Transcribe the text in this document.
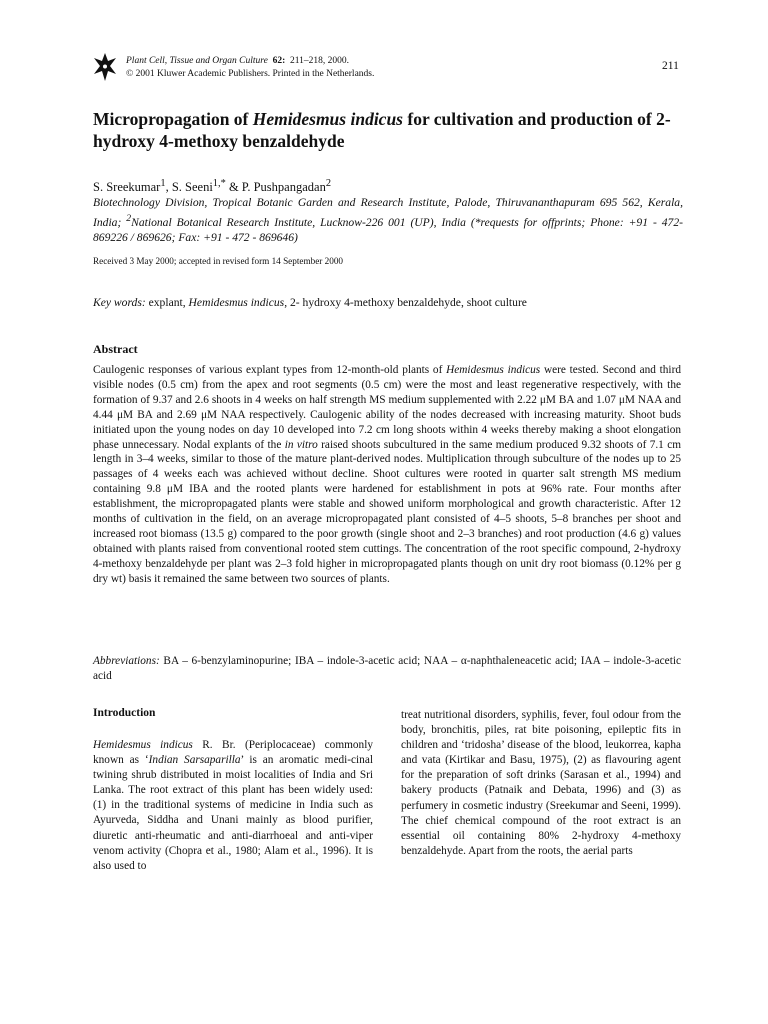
Plant Cell, Tissue and Organ Culture 62: 211–218, 2000.
© 2001 Kluwer Academic Publishers. Printed in the Netherlands.
211
Micropropagation of Hemidesmus indicus for cultivation and production of 2-hydroxy 4-methoxy benzaldehyde
S. Sreekumar$^1$, S. Seeni$^{1,*}$ & P. Pushpangadan$^2$
Biotechnology Division, Tropical Botanic Garden and Research Institute, Palode, Thiruvananthapuram 695 562, Kerala, India; $^2$National Botanical Research Institute, Lucknow-226 001 (UP), India (*requests for offprints; Phone: +91 - 472- 869226 / 869626; Fax: +91 - 472 - 869646)
Received 3 May 2000; accepted in revised form 14 September 2000
Key words: explant, Hemidesmus indicus, 2- hydroxy 4-methoxy benzaldehyde, shoot culture
Abstract
Caulogenic responses of various explant types from 12-month-old plants of Hemidesmus indicus were tested. Second and third visible nodes (0.5 cm) from the apex and root segments (0.5 cm) were the most and least regenerative respectively, with the formation of 9.37 and 2.6 shoots in 4 weeks on half strength MS medium supplemented with 2.22 μM BA and 1.07 μM NAA and 4.44 μM BA and 2.69 μM NAA respectively. Caulogenic ability of the nodes decreased with increasing maturity. Shoot buds initiated upon the young nodes on day 10 developed into 7.2 cm long shoots within 4 weeks thereby making a shoot elongation phase unnecessary. Nodal explants of the in vitro raised shoots subcultured in the same medium produced 9.32 shoots of 7.1 cm length in 3–4 weeks, similar to those of the mature plant-derived nodes. Multiplication through subculture of the nodes up to 25 passages of 4 weeks each was achieved without decline. Shoot cultures were rooted in quarter salt strength MS medium containing 9.8 μM IBA and the rooted plants were hardened for establishment in pots at 96% rate. Four months after establishment, the micropropagated plants were stable and showed uniform morphological and growth characteristic. After 12 months of cultivation in the field, on an average micropropagated plant consisted of 4–5 shoots, 5–8 branches per shoot and increased root biomass (13.5 g) compared to the poor growth (single shoot and 2–3 branches) and root production (4.6 g) values obtained with plants raised from conventional rooted stem cuttings. The concentration of the root specific compound, 2-hydroxy 4-methoxy benzaldehyde per plant was 2–3 fold higher in micropropagated plants though on unit dry root biomass (0.12% per g dry wt) basis it remained the same between two sources of plants.
Abbreviations: BA – 6-benzylaminopurine; IBA – indole-3-acetic acid; NAA – α-naphthaleneacetic acid; IAA – indole-3-acetic acid
Introduction
Hemidesmus indicus R. Br. (Periplocaceae) commonly known as ‘Indian Sarsaparilla’ is an aromatic medi-cinal twining shrub distributed in moist localities of India and Sri Lanka. The root extract of this plant has been widely used: (1) in the traditional systems of medicine in India such as Ayurveda, Siddha and Unani mainly as blood purifier, diuretic anti-rheumatic and anti-diarrhoeal and anti-viper venom activity (Chopra et al., 1980; Alam et al., 1996). It is also used to
treat nutritional disorders, syphilis, fever, foul odour from the body, bronchitis, piles, rat bite poisoning, epileptic fits in children and ‘tridosha’ disease of the blood, leukorrea, kapha and vata (Kirtikar and Basu, 1975), (2) as flavouring agent for the preparation of soft drinks (Sarasan et al., 1994) and bakery products (Patnaik and Debata, 1996) and (3) as perfumery in cosmetic industry (Sreekumar and Seeni, 1999). The chief chemical compound of the root extract is an essential oil containing 80% 2-hydroxy 4-methoxy benzaldehyde. Apart from the roots, the aerial parts
